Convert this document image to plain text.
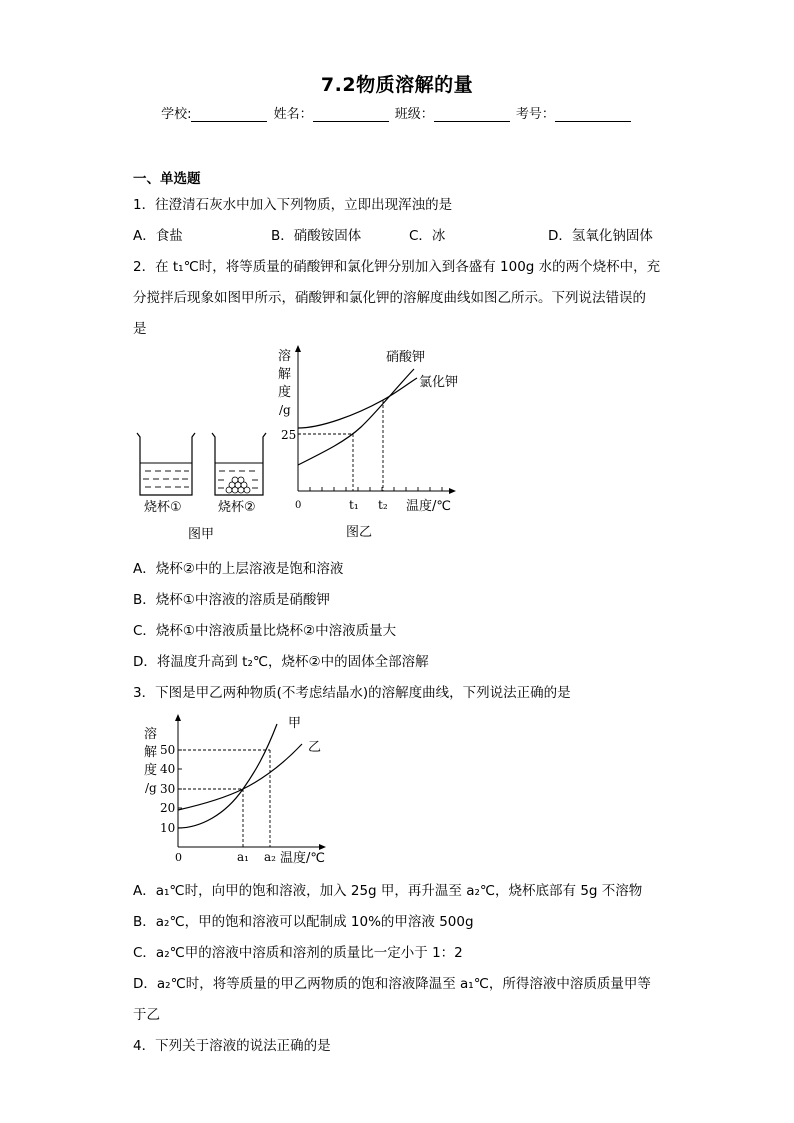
7.2物质溶解的量
学校:	姓名：	班级：	考号：
一、单选题
1．往澄清石灰水中加入下列物质，立即出现浑浊的是
A．食盐	B．硝酸铵固体	C．冰	D．氢氧化钠固体
2．在 t₁℃时，将等质量的硝酸钾和氯化钾分别加入到各盛有 100g 水的两个烧杯中，充
分搅拌后现象如图甲所示，硝酸钾和氯化钾的溶解度曲线如图乙所示。下列说法错误的
是
烧杯①	烧杯②
图甲
溶
解
度
/g
25
0	t₁ t₂ 温度/℃
硝酸钾
氯化钾
图乙
A．烧杯②中的上层溶液是饱和溶液
B．烧杯①中溶液的溶质是硝酸钾
C．烧杯①中溶液质量比烧杯②中溶液质量大
D．将温度升高到 t₂℃，烧杯②中的固体全部溶解
3．下图是甲乙两种物质(不考虑结晶水)的溶解度曲线，下列说法正确的是
溶
解
度
/g
50
40
30
20
10
0	a₁ a₂ 温度/℃
甲
乙
A．a₁℃时，向甲的饱和溶液，加入 25g 甲，再升温至 a₂℃，烧杯底部有 5g 不溶物
B．a₂℃，甲的饱和溶液可以配制成 10%的甲溶液 500g
C．a₂℃甲的溶液中溶质和溶剂的质量比一定小于 1：2
D．a₂℃时，将等质量的甲乙两物质的饱和溶液降温至 a₁℃，所得溶液中溶质质量甲等
于乙
4．下列关于溶液的说法正确的是
